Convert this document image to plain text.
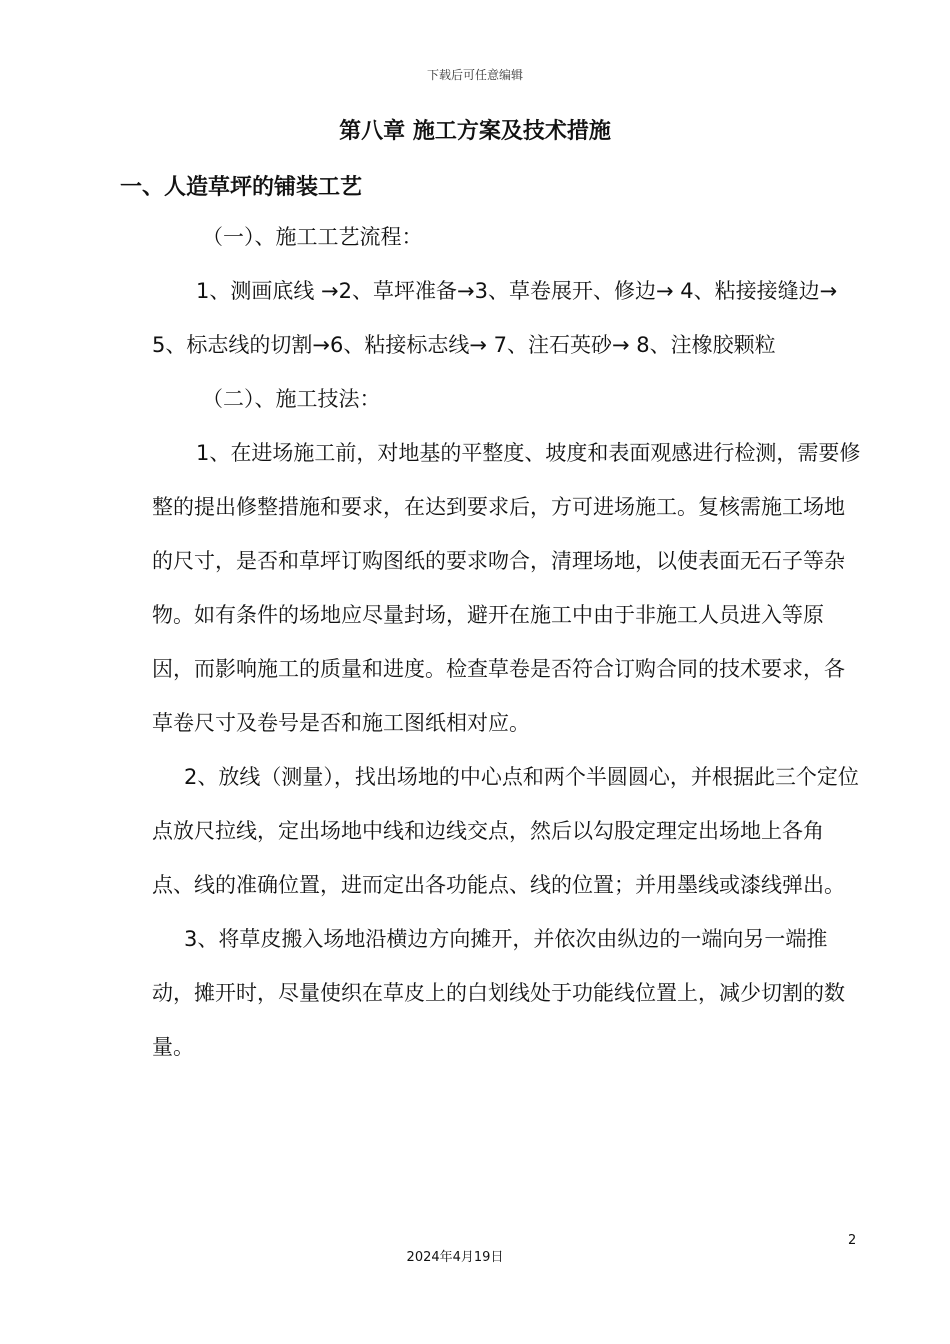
下载后可任意编辑
第八章 施工方案及技术措施
一、人造草坪的铺装工艺

（一）、施工工艺流程：

1、测画底线 →2、草坪准备→3、草卷展开、修边→ 4、粘接接缝边→ 5、标志线的切割→6、粘接标志线→ 7、注石英砂→ 8、注橡胶颗粒

（二）、施工技法：

1、在进场施工前，对地基的平整度、坡度和表面观感进行检测，需要修整的提出修整措施和要求，在达到要求后，方可进场施工。复核需施工场地的尺寸，是否和草坪订购图纸的要求吻合，清理场地，以使表面无石子等杂物。如有条件的场地应尽量封场，避开在施工中由于非施工人员进入等原因，而影响施工的质量和进度。检查草卷是否符合订购合同的技术要求，各草卷尺寸及卷号是否和施工图纸相对应。

2、放线（测量），找出场地的中心点和两个半圆圆心，并根据此三个定位点放尺拉线，定出场地中线和边线交点，然后以勾股定理定出场地上各角点、线的准确位置，进而定出各功能点、线的位置；并用墨线或漆线弹出。

3、将草皮搬入场地沿横边方向摊开，并依次由纵边的一端向另一端推动，摊开时，尽量使织在草皮上的白划线处于功能线位置上，减少切割的数量。

2
2024年4月19日
